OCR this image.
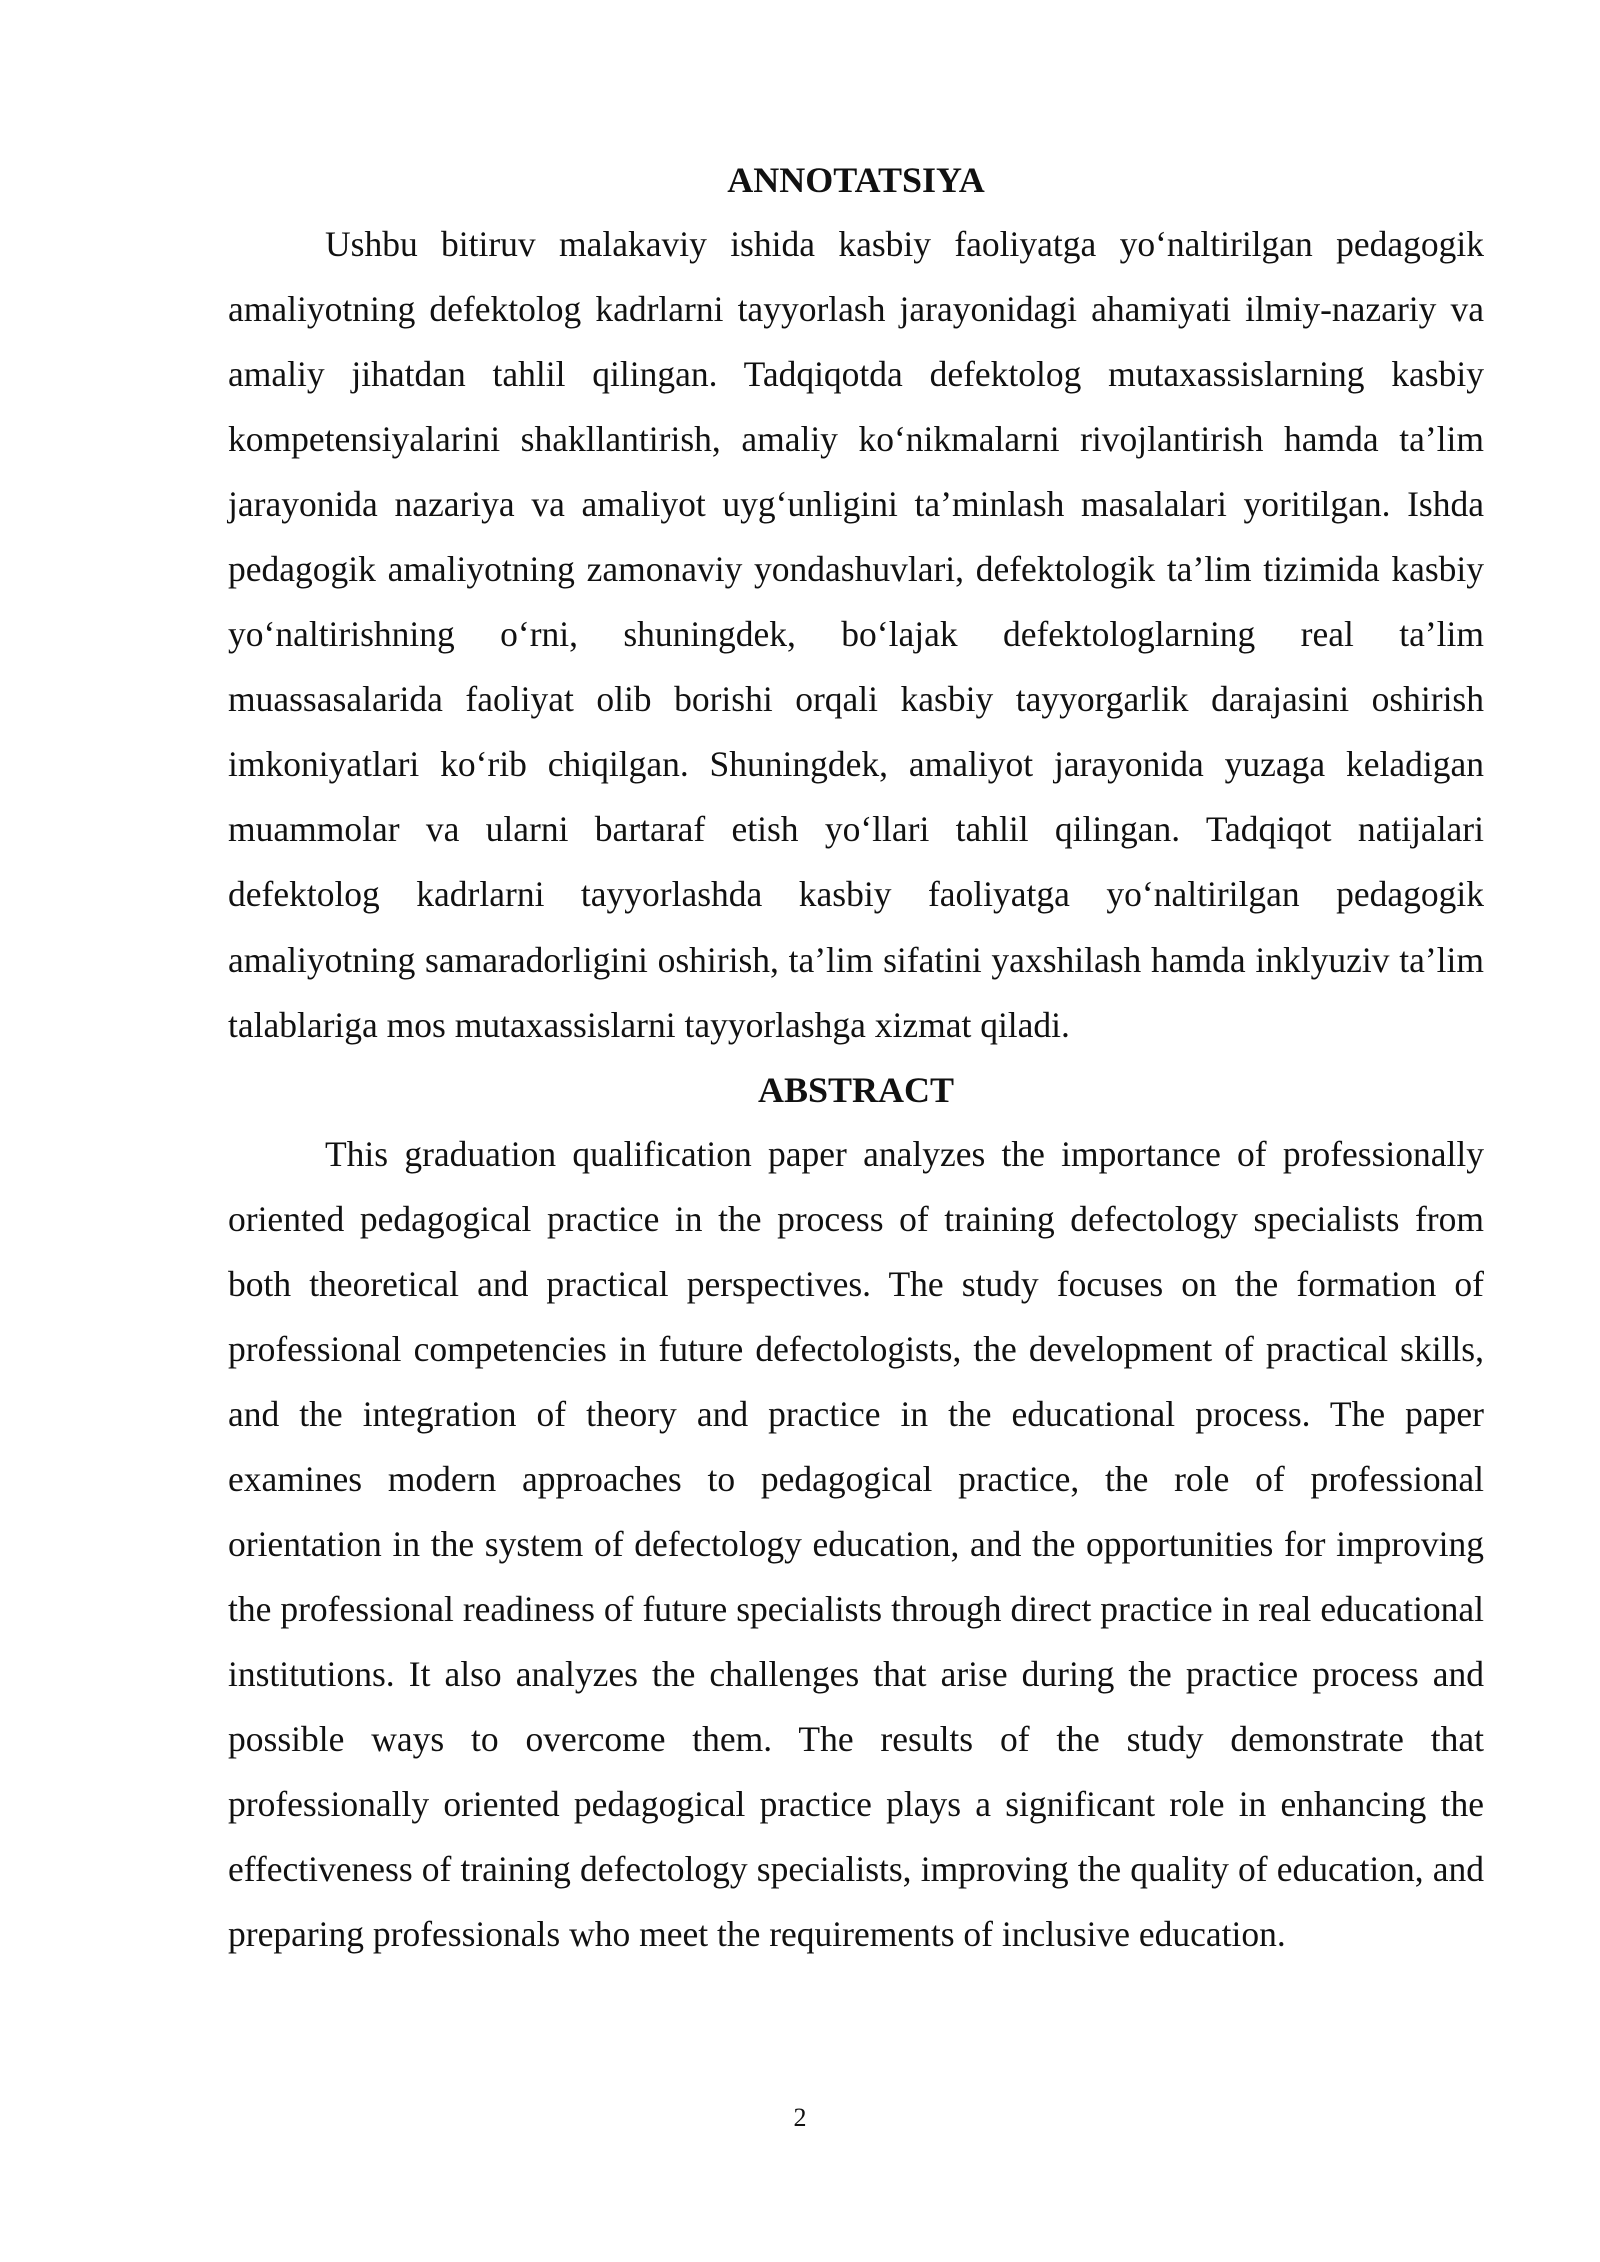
ANNOTATSIYA

Ushbu bitiruv malakaviy ishida kasbiy faoliyatga yo‘naltirilgan pedagogik amaliyotning defektolog kadrlarni tayyorlash jarayonidagi ahamiyati ilmiy-nazariy va amaliy jihatdan tahlil qilingan. Tadqiqotda defektolog mutaxassislarning kasbiy kompetensiyalarini shakllantirish, amaliy ko‘nikmalarni rivojlantirish hamda ta’lim jarayonida nazariya va amaliyot uyg‘unligini ta’minlash masalalari yoritilgan. Ishda pedagogik amaliyotning zamonaviy yondashuvlari, defektologik ta’lim tizimida kasbiy yo‘naltirishning o‘rni, shuningdek, bo‘lajak defektologlarning real ta’lim muassasalarida faoliyat olib borishi orqali kasbiy tayyorgarlik darajasini oshirish imkoniyatlari ko‘rib chiqilgan. Shuningdek, amaliyot jarayonida yuzaga keladigan muammolar va ularni bartaraf etish yo‘llari tahlil qilingan. Tadqiqot natijalari defektolog kadrlarni tayyorlashda kasbiy faoliyatga yo‘naltirilgan pedagogik amaliyotning samaradorligini oshirish, ta’lim sifatini yaxshilash hamda inklyuziv ta’lim talablariga mos mutaxassislarni tayyorlashga xizmat qiladi.

ABSTRACT

This graduation qualification paper analyzes the importance of professionally oriented pedagogical practice in the process of training defectology specialists from both theoretical and practical perspectives. The study focuses on the formation of professional competencies in future defectologists, the development of practical skills, and the integration of theory and practice in the educational process. The paper examines modern approaches to pedagogical practice, the role of professional orientation in the system of defectology education, and the opportunities for improving the professional readiness of future specialists through direct practice in real educational institutions. It also analyzes the challenges that arise during the practice process and possible ways to overcome them. The results of the study demonstrate that professionally oriented pedagogical practice plays a significant role in enhancing the effectiveness of training defectology specialists, improving the quality of education, and preparing professionals who meet the requirements of inclusive education.

2
